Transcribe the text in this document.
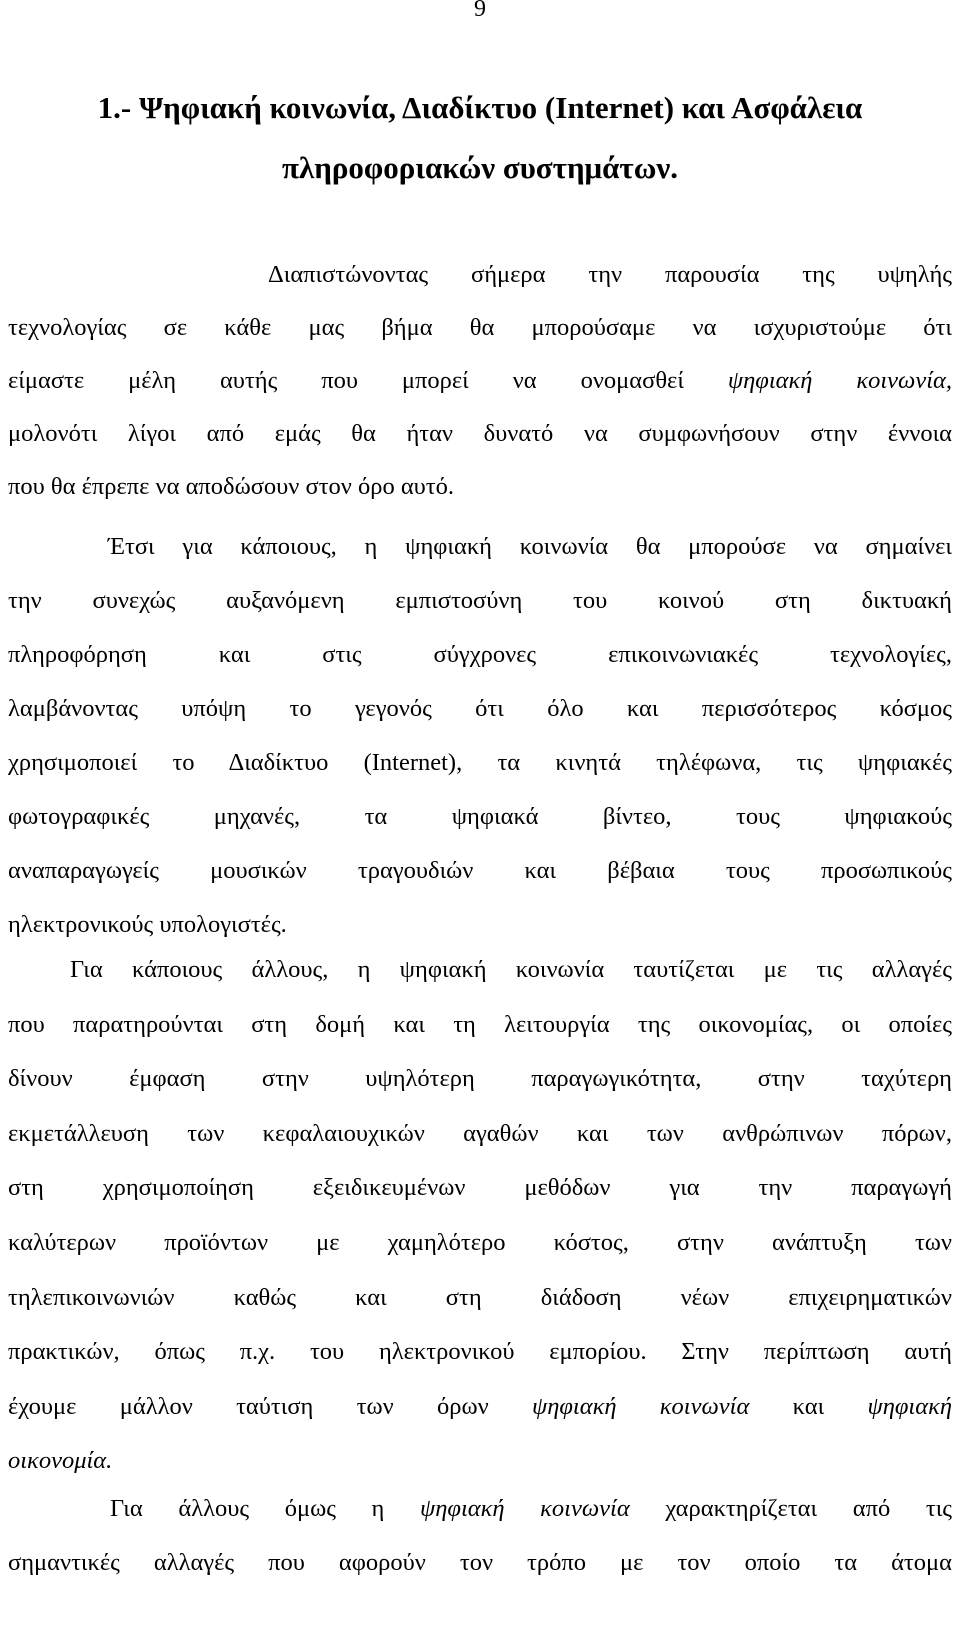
9
1.- Ψηφιακή κοινωνία, Διαδίκτυο (Internet) και Ασφάλεια
πληροφοριακών συστημάτων.
Διαπιστώνοντας σήμερα την παρουσία της υψηλής
τεχνολογίας σε κάθε μας βήμα θα μπορούσαμε να ισχυριστούμε ότι
είμαστε μέλη αυτής που μπορεί να ονομασθεί ψηφιακή κοινωνία,
μολονότι λίγοι από εμάς θα ήταν δυνατό να συμφωνήσουν στην έννοια
που θα έπρεπε να αποδώσουν στον όρο αυτό.
Έτσι για κάποιους, η ψηφιακή κοινωνία θα μπορούσε να σημαίνει
την συνεχώς αυξανόμενη εμπιστοσύνη του κοινού στη δικτυακή
πληροφόρηση και στις σύγχρονες επικοινωνιακές τεχνολογίες,
λαμβάνοντας υπόψη το γεγονός ότι όλο και περισσότερος κόσμος
χρησιμοποιεί το Διαδίκτυο (Internet), τα κινητά τηλέφωνα, τις ψηφιακές
φωτογραφικές μηχανές, τα ψηφιακά βίντεο, τους ψηφιακούς
αναπαραγωγείς μουσικών τραγουδιών και βέβαια τους προσωπικούς
ηλεκτρονικούς υπολογιστές.
Για κάποιους άλλους, η ψηφιακή κοινωνία ταυτίζεται με τις αλλαγές
που παρατηρούνται στη δομή και τη λειτουργία της οικονομίας, οι οποίες
δίνουν έμφαση στην υψηλότερη παραγωγικότητα, στην ταχύτερη
εκμετάλλευση των κεφαλαιουχικών αγαθών και των ανθρώπινων πόρων,
στη χρησιμοποίηση εξειδικευμένων μεθόδων για την παραγωγή
καλύτερων προϊόντων με χαμηλότερο κόστος, στην ανάπτυξη των
τηλεπικοινωνιών καθώς και στη διάδοση νέων επιχειρηματικών
πρακτικών, όπως π.χ. του ηλεκτρονικού εμπορίου. Στην περίπτωση αυτή
έχουμε μάλλον ταύτιση των όρων ψηφιακή κοινωνία και ψηφιακή
οικονομία.
Για άλλους όμως η ψηφιακή κοινωνία χαρακτηρίζεται από τις
σημαντικές αλλαγές που αφορούν τον τρόπο με τον οποίο τα άτομα
